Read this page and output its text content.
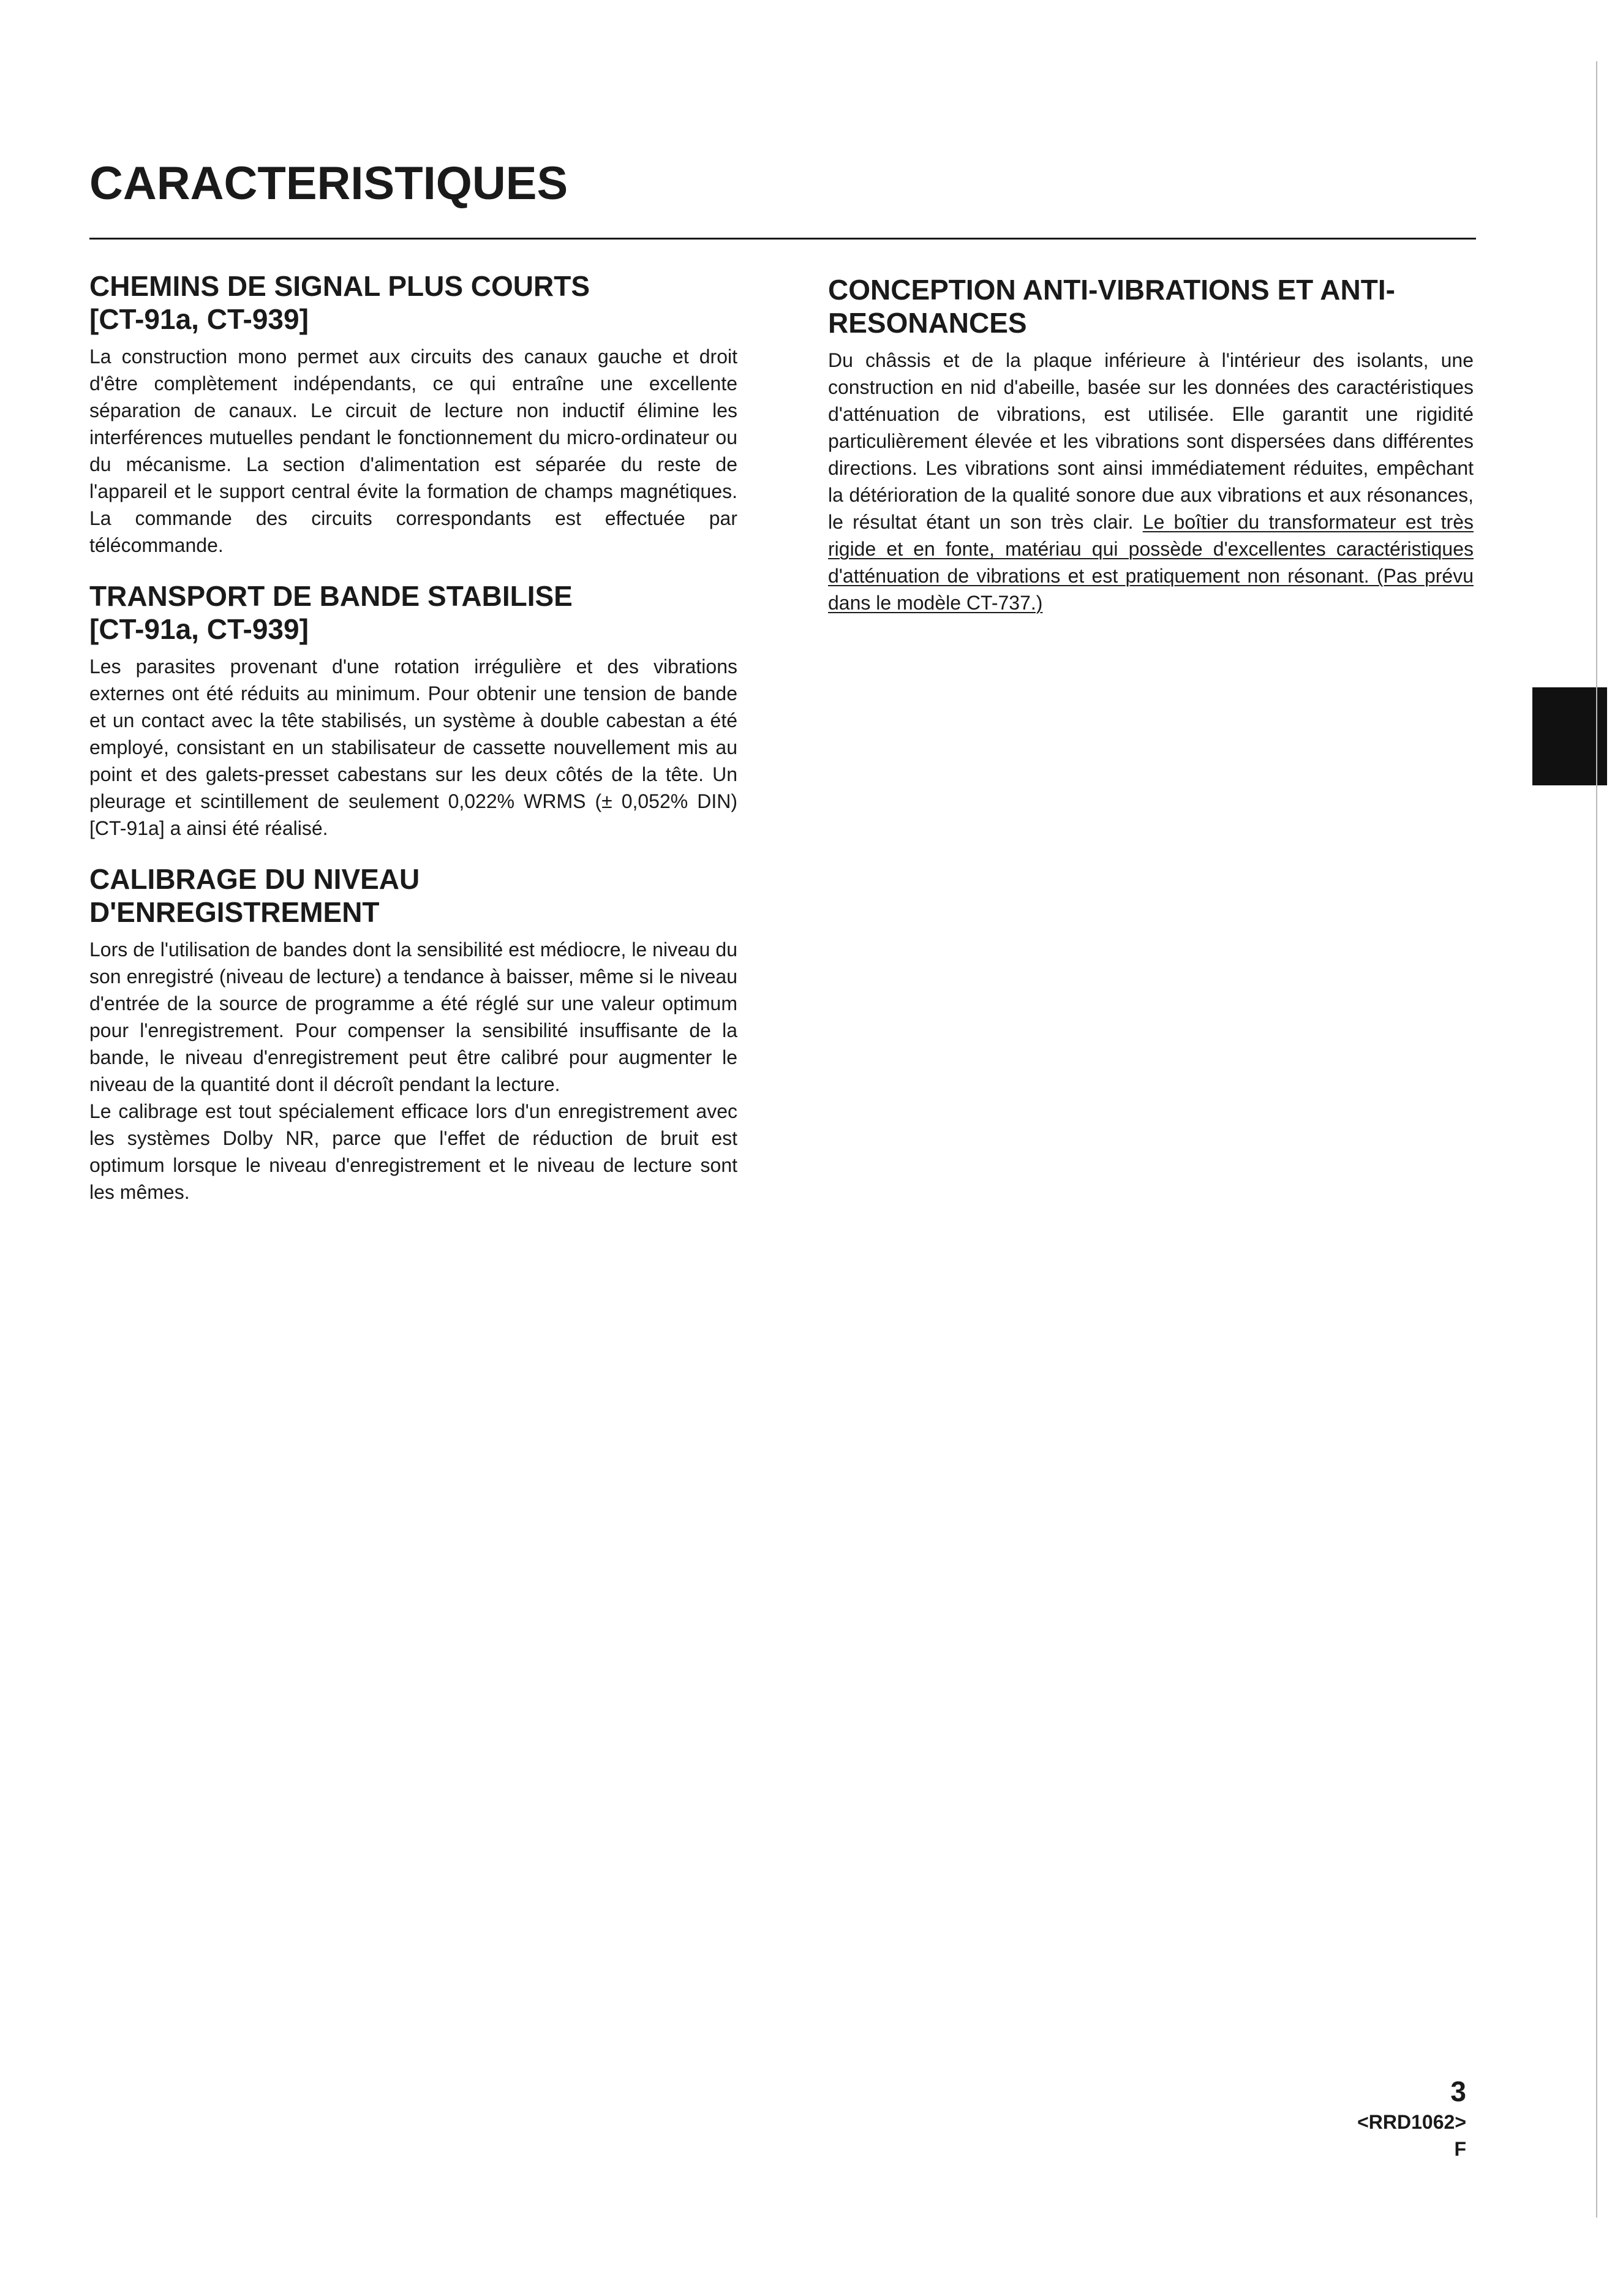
CARACTERISTIQUES
CHEMINS DE SIGNAL PLUS COURTS
[CT-91a, CT-939]

La construction mono permet aux circuits des canaux gauche et droit d'être complètement indépendants, ce qui entraîne une excellente séparation de canaux. Le circuit de lecture non inductif élimine les interférences mutuelles pendant le fonctionnement du micro-ordinateur ou du mécanisme. La section d'alimentation est séparée du reste de l'appareil et le support central évite la formation de champs magnétiques. La commande des circuits correspondants est effectuée par télécommande.

TRANSPORT DE BANDE STABILISE
[CT-91a, CT-939]

Les parasites provenant d'une rotation irrégulière et des vibrations externes ont été réduits au minimum. Pour obtenir une tension de bande et un contact avec la tête stabilisés, un système à double cabestan a été employé, consistant en un stabilisateur de cassette nouvellement mis au point et des galets-presset cabestans sur les deux côtés de la tête. Un pleurage et scintillement de seulement 0,022% WRMS (± 0,052% DIN) [CT-91a] a ainsi été réalisé.

CALIBRAGE DU NIVEAU
D'ENREGISTREMENT

Lors de l'utilisation de bandes dont la sensibilité est médiocre, le niveau du son enregistré (niveau de lecture) a tendance à baisser, même si le niveau d'entrée de la source de programme a été réglé sur une valeur optimum pour l'enregistrement. Pour compenser la sensibilité insuffisante de la bande, le niveau d'enregistrement peut être calibré pour augmenter le niveau de la quantité dont il décroît pendant la lecture.
Le calibrage est tout spécialement efficace lors d'un enregistrement avec les systèmes Dolby NR, parce que l'effet de réduction de bruit est optimum lorsque le niveau d'enregistrement et le niveau de lecture sont les mêmes.

CONCEPTION ANTI-VIBRATIONS ET ANTI-
RESONANCES

Du châssis et de la plaque inférieure à l'intérieur des isolants, une construction en nid d'abeille, basée sur les données des caractéristiques d'atténuation de vibrations, est utilisée. Elle garantit une rigidité particulièrement élevée et les vibrations sont dispersées dans différentes directions. Les vibrations sont ainsi immédiatement réduites, empêchant la détérioration de la qualité sonore due aux vibrations et aux résonances, le résultat étant un son très clair. Le boîtier du transformateur est très rigide et en fonte, matériau qui possède d'excellentes caractéristiques d'atténuation de vibrations et est pratiquement non résonant. (Pas prévu dans le modèle CT-737.)

3
<RRD1062>
F
